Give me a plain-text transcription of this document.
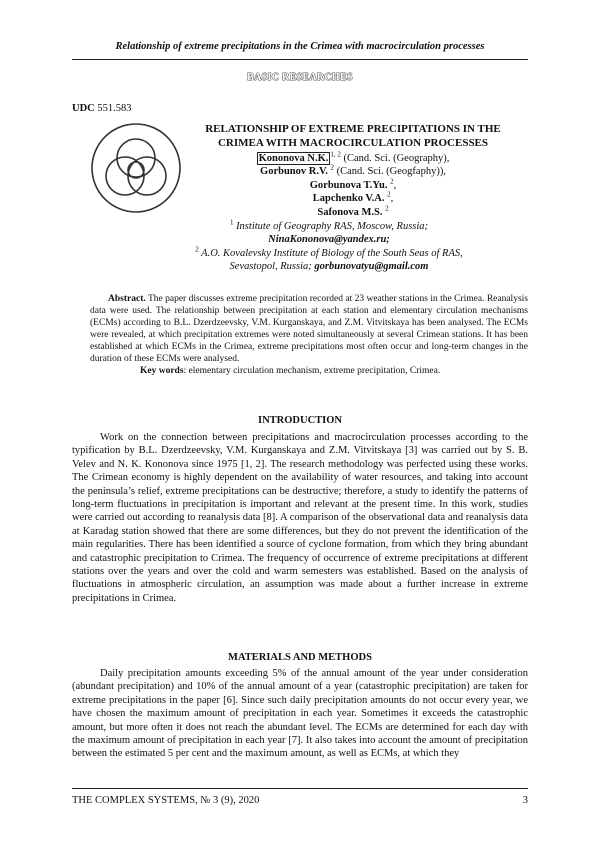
Relationship of extreme precipitations in the Crimea with macrocirculation processes
BASIC RESEARCHES
UDC 551.583
RELATIONSHIP OF EXTREME PRECIPITATIONS IN THE
CRIMEA WITH MACROCIRCULATION PROCESSES
Kononova N.K. $^{1, 2}$ (Cand. Sci. (Geography),
Gorbunov R.V. $^2$ (Cand. Sci. (Geogfaphy)),
Gorbunova T.Yu. $^2$,
Lapchenko V.A. $^2$,
Safonova M.S. $^2$
$^1$ Institute of Geography RAS, Moscow, Russia;
NinaKononova@yandex.ru;
$^2$ A.O. Kovalevsky Institute of Biology of the South Seas of RAS,
Sevastopol, Russia; gorbunovatyu@gmail.com

Abstract. The paper discusses extreme precipitation recorded at 23 weather stations in the Crimea. Reanalysis data were used. The relationship between precipitation at each station and elementary circulation mechanisms (ECMs) according to B.L. Dzerdzeevsky, V.M. Kurganskaya, and Z.M. Vitvitskaya has been analysed. The ECMs were revealed, at which precipitation extremes were noted simultaneously at several Crimean stations. It has been established at which ECMs in the Crimea, extreme precipitations most often occur and long-term changes in the duration of these ECMs were analysed.

Key words: elementary circulation mechanism, extreme precipitation, Crimea.

INTRODUCTION

Work on the connection between precipitations and macrocirculation processes according to the typification by B.L. Dzerdzeevsky, V.M. Kurganskaya and Z.M. Vitvitskaya [3] was carried out by S. B. Velev and N. K. Kononova since 1975 [1, 2]. The research methodology was perfected using these works. The Crimean economy is highly dependent on the availability of water resources, and taking into account the peninsula’s relief, extreme precipitations can be destructive; therefore, a study to identify the patterns of long-term fluctuations in precipitation is important and relevant at the present time. In this work, studies were carried out according to reanalysis data [8]. A comparison of the observational data and reanalysis data at Karadag station showed that there are some differences, but they do not prevent the identification of the main regularities. There has been identified a source of cyclone formation, from which they bring abundant and catastrophic precipitation to Crimea. The frequency of occurrence of extreme precipitations at different stations over the years and over the cold and warm semesters was established. Based on the analysis of fluctuations in atmospheric circulation, an assumption was made about a further increase in extreme precipitations in Crimea.

MATERIALS AND METHODS

Daily precipitation amounts exceeding 5% of the annual amount of the year under consideration (abundant precipitation) and 10% of the annual amount of a year (catastrophic precipitation) are taken for extreme precipitations in the paper [6]. Since such daily precipitation amounts do not occur every year, we have chosen the maximum amount of precipitation in each year. Sometimes it exceeds the catastrophic amount, but more often it does not reach the abundant level. The ECMs are determined for each day with the maximum amount of precipitation in each year [7]. It also takes into account the amount of precipitation between the estimated 5 per cent and the maximum amount, as well as ECMs, at which they

THE COMPLEX SYSTEMS, № 3 (9), 2020	3
